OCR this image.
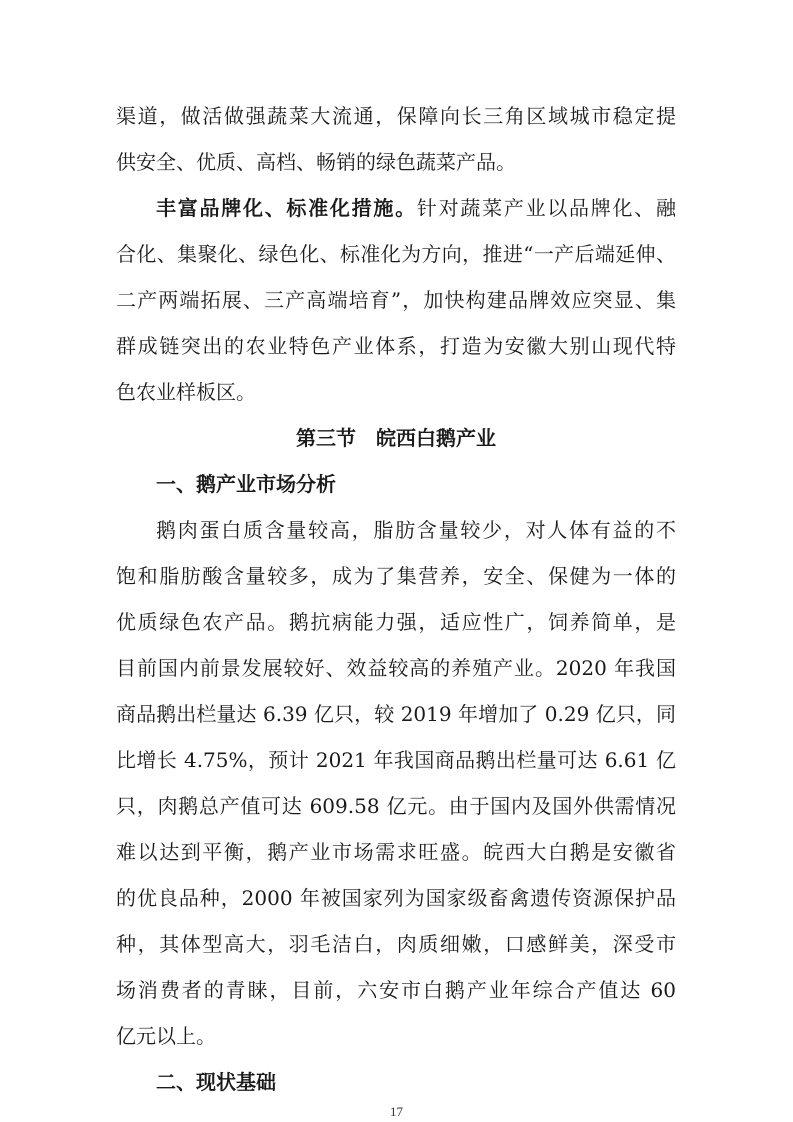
渠道，做活做强蔬菜大流通，保障向长三角区域城市稳定提
供安全、优质、高档、畅销的绿色蔬菜产品。
丰富品牌化、标准化措施。针对蔬菜产业以品牌化、融
合化、集聚化、绿色化、标准化为方向，推进“一产后端延伸、
二产两端拓展、三产高端培育”，加快构建品牌效应突显、集
群成链突出的农业特色产业体系，打造为安徽大别山现代特
色农业样板区。
第三节　皖西白鹅产业
一、鹅产业市场分析
鹅肉蛋白质含量较高，脂肪含量较少，对人体有益的不
饱和脂肪酸含量较多，成为了集营养，安全、保健为一体的
优质绿色农产品。鹅抗病能力强，适应性广，饲养简单，是
目前国内前景发展较好、效益较高的养殖产业。2020 年我国
商品鹅出栏量达 6.39 亿只，较 2019 年增加了 0.29 亿只，同
比增长 4.75%，预计 2021 年我国商品鹅出栏量可达 6.61 亿
只，肉鹅总产值可达 609.58 亿元。由于国内及国外供需情况
难以达到平衡，鹅产业市场需求旺盛。皖西大白鹅是安徽省
的优良品种，2000 年被国家列为国家级畜禽遗传资源保护品
种，其体型高大，羽毛洁白，肉质细嫩，口感鲜美，深受市
场消费者的青睐，目前，六安市白鹅产业年综合产值达 60
亿元以上。
二、现状基础
17
